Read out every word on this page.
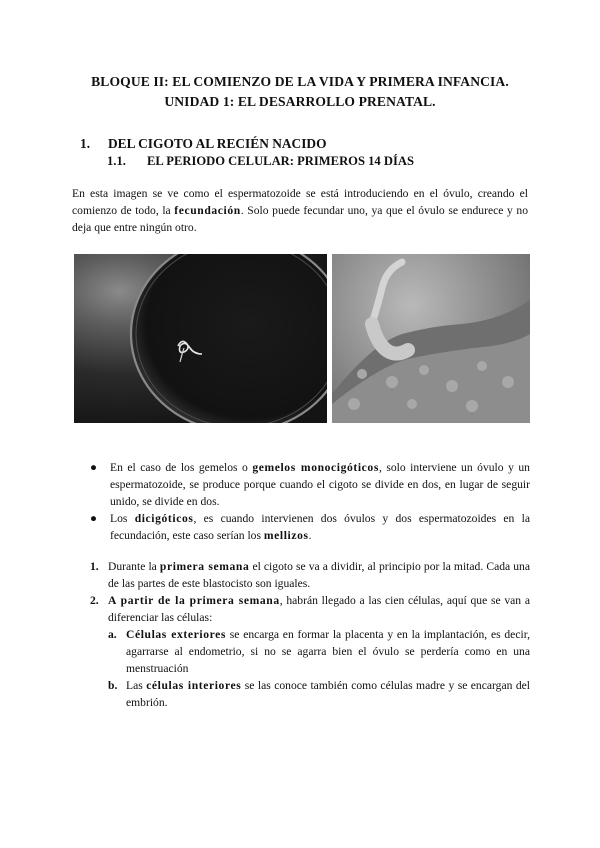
BLOQUE II: EL COMIENZO DE LA VIDA Y PRIMERA INFANCIA.
UNIDAD 1: EL DESARROLLO PRENATAL.
1. DEL CIGOTO AL RECIÉN NACIDO
1.1. EL PERIODO CELULAR: PRIMEROS 14 DÍAS
En esta imagen se ve como el espermatozoide se está introduciendo en el óvulo, creando el comienzo de todo, la fecundación. Solo puede fecundar uno, ya que el óvulo se endurece y no deja que entre ningún otro.
● En el caso de los gemelos o gemelos monocigóticos, solo interviene un óvulo y un espermatozoide, se produce porque cuando el cigoto se divide en dos, en lugar de seguir unido, se divide en dos.
● Los dicigóticos, es cuando intervienen dos óvulos y dos espermatozoides en la fecundación, este caso serían los mellizos.
1. Durante la primera semana el cigoto se va a dividir, al principio por la mitad. Cada una de las partes de este blastocisto son iguales.
2. A partir de la primera semana, habrán llegado a las cien células, aquí que se van a diferenciar las células:
a. Células exteriores se encarga en formar la placenta y en la implantación, es decir, agarrarse al endometrio, si no se agarra bien el óvulo se perdería como en una menstruación
b. Las células interiores se las conoce también como células madre y se encargan del embrión.
